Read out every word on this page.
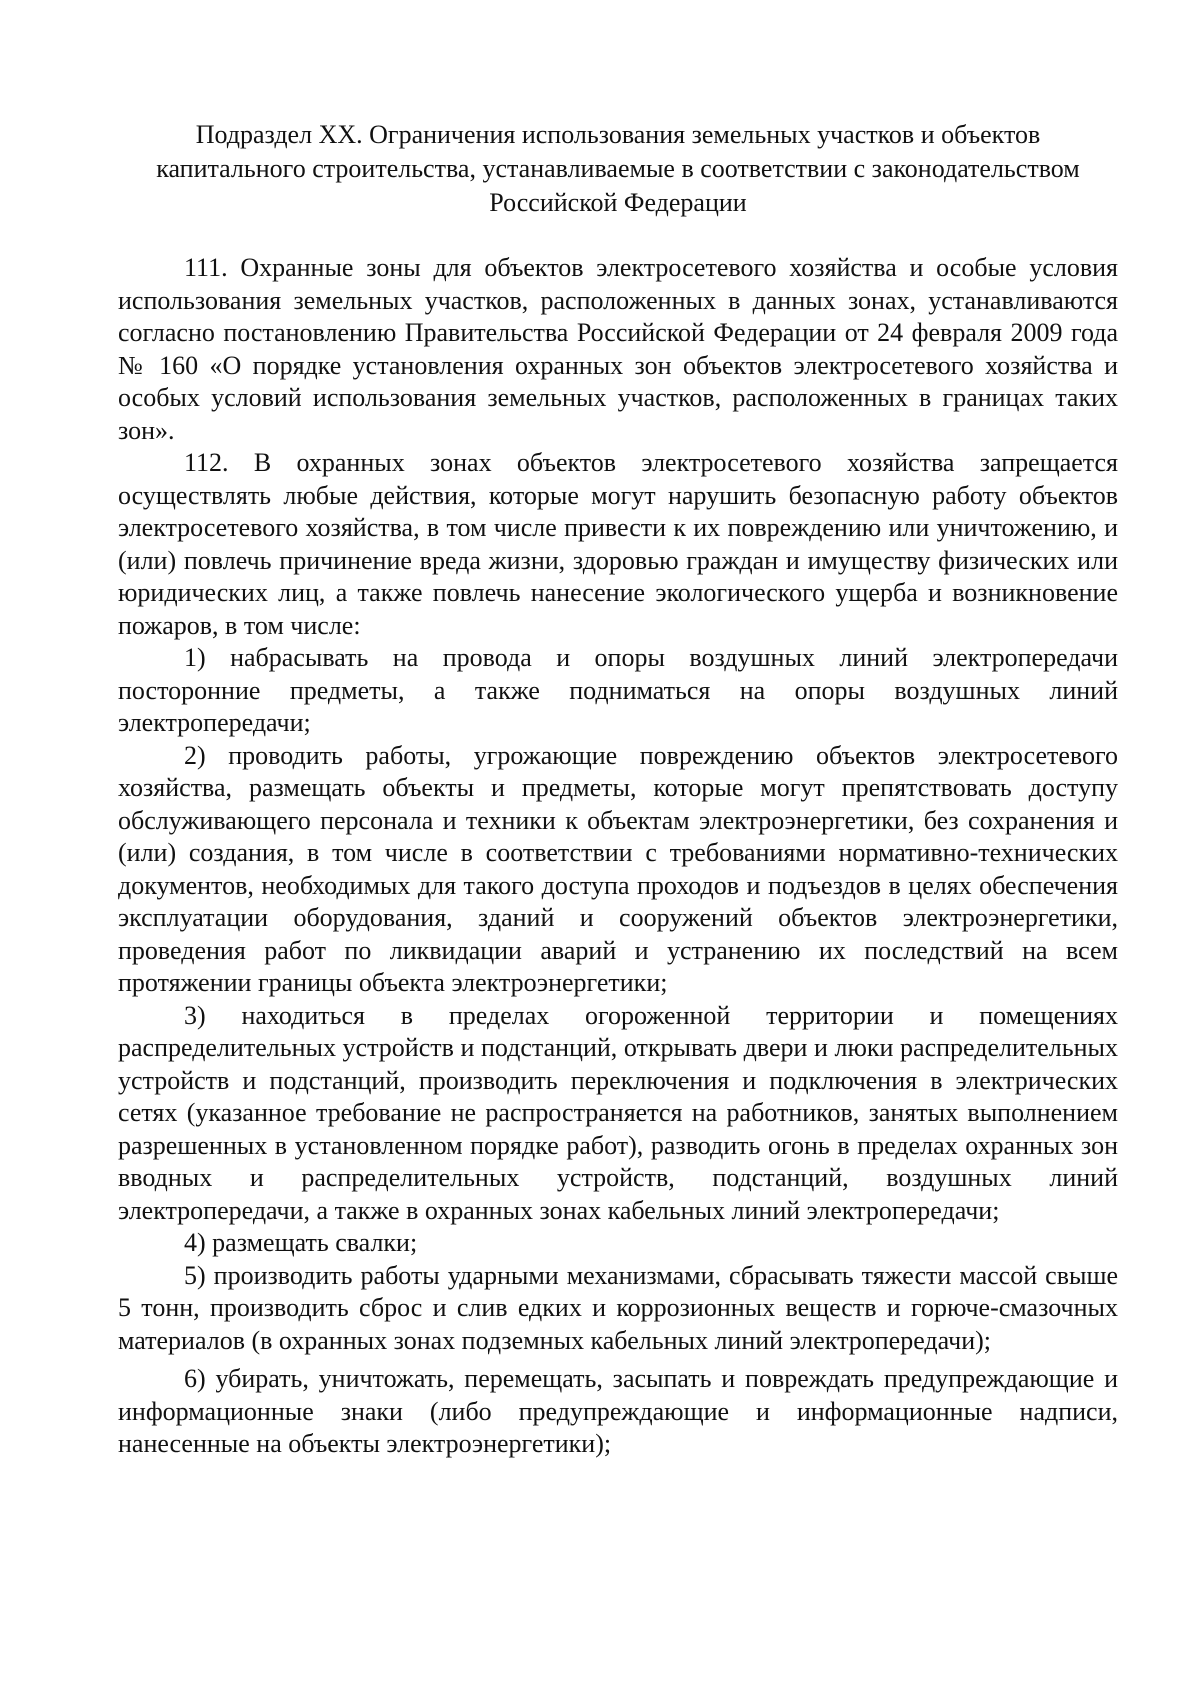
Подраздел XX. Ограничения использования земельных участков и объектов капитального строительства, устанавливаемые в соответствии с законодательством Российской Федерации

111. Охранные зоны для объектов электросетевого хозяйства и особые условия использования земельных участков, расположенных в данных зонах, устанавливаются согласно постановлению Правительства Российской Федерации от 24 февраля 2009 года № 160 «О порядке установления охранных зон объектов электросетевого хозяйства и особых условий использования земельных участков, расположенных в границах таких зон».

112. В охранных зонах объектов электросетевого хозяйства запрещается осуществлять любые действия, которые могут нарушить безопасную работу объектов электросетевого хозяйства, в том числе привести к их повреждению или уничтожению, и (или) повлечь причинение вреда жизни, здоровью граждан и имуществу физических или юридических лиц, а также повлечь нанесение экологического ущерба и возникновение пожаров, в том числе:

1) набрасывать на провода и опоры воздушных линий электропередачи посторонние предметы, а также подниматься на опоры воздушных линий электропередачи;

2) проводить работы, угрожающие повреждению объектов электросетевого хозяйства, размещать объекты и предметы, которые могут препятствовать доступу обслуживающего персонала и техники к объектам электроэнергетики, без сохранения и (или) создания, в том числе в соответствии с требованиями нормативно-технических документов, необходимых для такого доступа проходов и подъездов в целях обеспечения эксплуатации оборудования, зданий и сооружений объектов электроэнергетики, проведения работ по ликвидации аварий и устранению их последствий на всем протяжении границы объекта электроэнергетики;

3) находиться в пределах огороженной территории и помещениях распределительных устройств и подстанций, открывать двери и люки распределительных устройств и подстанций, производить переключения и подключения в электрических сетях (указанное требование не распространяется на работников, занятых выполнением разрешенных в установленном порядке работ), разводить огонь в пределах охранных зон вводных и распределительных устройств, подстанций, воздушных линий электропередачи, а также в охранных зонах кабельных линий электропередачи;

4) размещать свалки;

5) производить работы ударными механизмами, сбрасывать тяжести массой свыше 5 тонн, производить сброс и слив едких и коррозионных веществ и горюче-смазочных материалов (в охранных зонах подземных кабельных линий электропередачи);

6) убирать, уничтожать, перемещать, засыпать и повреждать предупреждающие и информационные знаки (либо предупреждающие и информационные надписи, нанесенные на объекты электроэнергетики);
